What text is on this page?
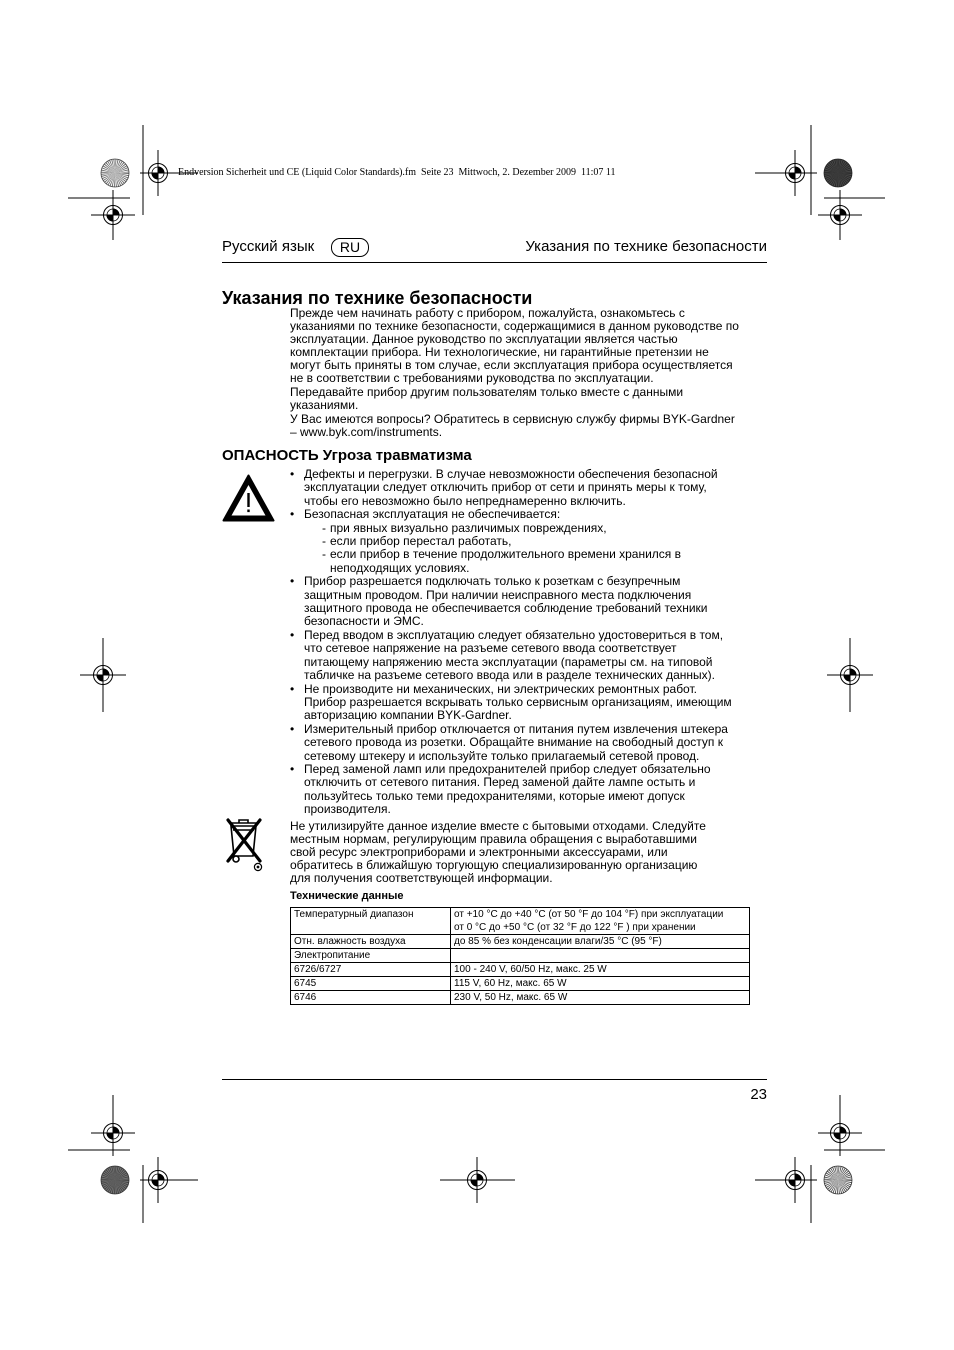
Endversion Sicherheit und CE (Liquid Color Standards).fm  Seite 23  Mittwoch, 2. Dezember 2009  11:07 11
Русский язык	RU	Указания по технике безопасности
Указания по технике безопасности
Прежде чем начинать работу с прибором, пожалуйста, ознакомьтесь с
указаниями по технике безопасности, содержащимися в данном руководстве по
эксплуатации. Данное руководство по эксплуатации является частью
комплектации прибора. Ни технологические, ни гарантийные претензии не
могут быть приняты в том случае, если эксплуатация прибора осуществляется
не в соответствии с требованиями руководства по эксплуатации.
Передавайте прибор другим пользователям только вместе с данными
указаниями.
У Вас имеются вопросы? Обратитесь в сервисную службу фирмы BYK-Gardner
– www.byk.com/instruments.
ОПАСНОСТЬ Угроза травматизма
• Дефекты и перегрузки. В случае невозможности обеспечения безопасной
эксплуатации следует отключить прибор от сети и принять меры к тому,
чтобы его невозможно было непреднамеренно включить.
• Безопасная эксплуатация не обеспечивается:
- при явных визуально различимых повреждениях,
- если прибор перестал работать,
- если прибор в течение продолжительного времени хранился в
неподходящих условиях.
• Прибор разрешается подключать только к розеткам с безупречным
защитным проводом. При наличии неисправного места подключения
защитного провода не обеспечивается соблюдение требований техники
безопасности и ЭМС.
• Перед вводом в эксплуатацию следует обязательно удостовериться в том,
что сетевое напряжение на разъеме сетевого ввода соответствует
питающему напряжению места эксплуатации (параметры см. на типовой
табличке на разъеме сетевого ввода или в разделе технических данных).
• Не производите ни механических, ни электрических ремонтных работ.
Прибор разрешается вскрывать только сервисным организациям, имеющим
авторизацию компании BYK-Gardner.
• Измерительный прибор отключается от питания путем извлечения штекера
сетевого провода из розетки. Обращайте внимание на свободный доступ к
сетевому штекеру и используйте только прилагаемый сетевой провод.
• Перед заменой ламп или предохранителей прибор следует обязательно
отключить от сетевого питания. Перед заменой дайте лампе остыть и
пользуйтесь только теми предохранителями, которые имеют допуск
производителя.
Не утилизируйте данное изделие вместе с бытовыми отходами. Следуйте
местным нормам, регулирующим правила обращения с выработавшими
свой ресурс электроприборами и электронными аксессуарами, или
обратитесь в ближайшую торгующую специализированную организацию
для получения соответствующей информации.
Технические данные
Температурный диапазон	от +10 °C до +40 °C (от 50 °F до 104 °F) при эксплуатации
от 0 °C до +50 °C (от 32 °F до 122 °F ) при хранении

Отн. влажность воздуха	до 85 % без конденсации влаги/35 °C (95 °F)
Электропитание	
6726/6727	100 - 240 V, 60/50 Hz, макс. 25 W
6745	115 V, 60 Hz, макс. 65 W
6746	230 V, 50 Hz, макс. 65 W
23
